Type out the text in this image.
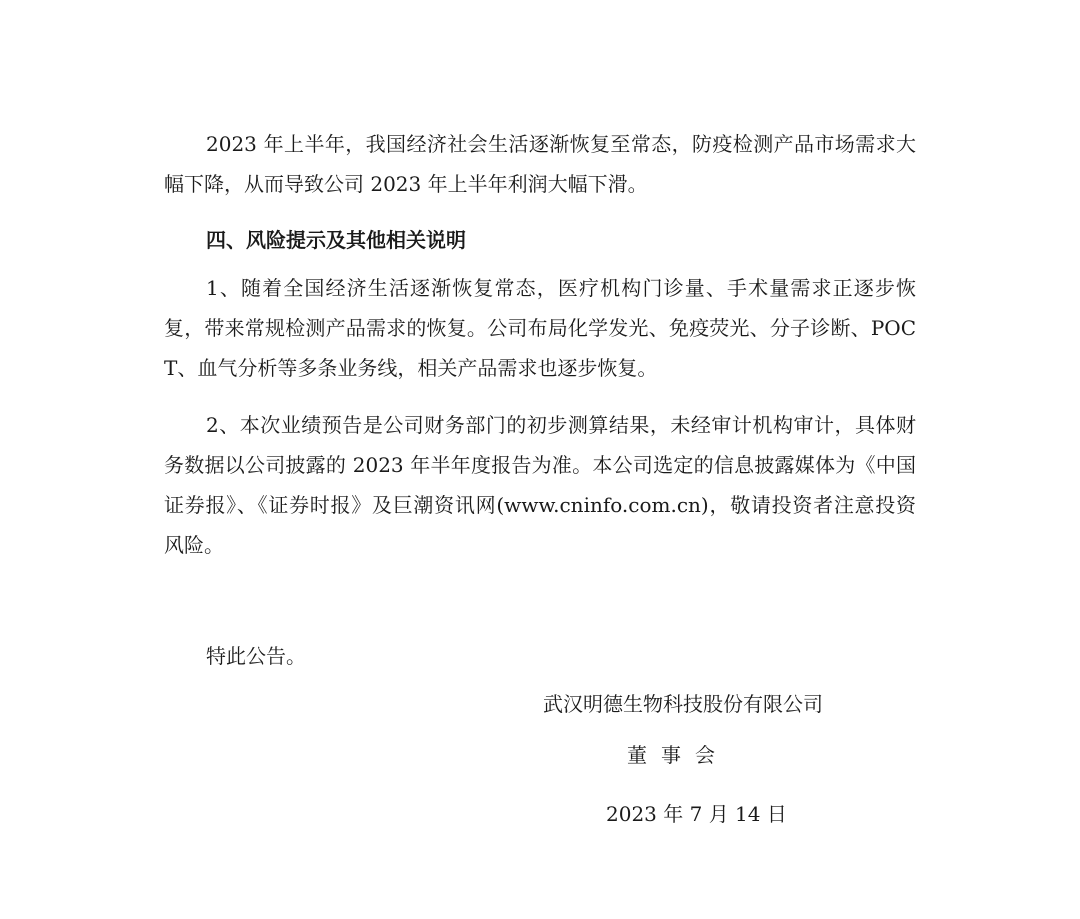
2023 年上半年，我国经济社会生活逐渐恢复至常态，防疫检测产品市场需求大幅下降，从而导致公司 2023 年上半年利润大幅下滑。

四、风险提示及其他相关说明

1、随着全国经济生活逐渐恢复常态，医疗机构门诊量、手术量需求正逐步恢复，带来常规检测产品需求的恢复。公司布局化学发光、免疫荧光、分子诊断、POCT、血气分析等多条业务线，相关产品需求也逐步恢复。

2、本次业绩预告是公司财务部门的初步测算结果，未经审计机构审计，具体财务数据以公司披露的 2023 年半年度报告为准。本公司选定的信息披露媒体为《中国证券报》、《证券时报》及巨潮资讯网(www.cninfo.com.cn)，敬请投资者注意投资风险。

特此公告。

武汉明德生物科技股份有限公司

董事会

2023 年 7 月 14 日
